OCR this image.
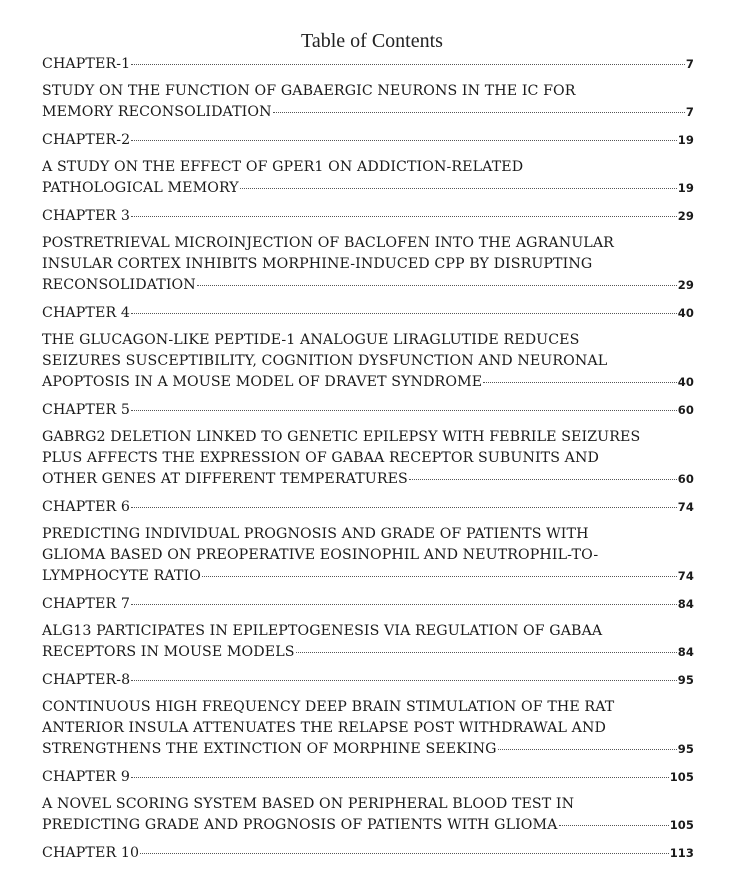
Table of Contents
CHAPTER-1	7
STUDY ON THE FUNCTION OF GABAERGIC NEURONS IN THE IC FOR
MEMORY RECONSOLIDATION	7
CHAPTER-2	19
A STUDY ON THE EFFECT OF GPER1 ON ADDICTION-RELATED
PATHOLOGICAL MEMORY	19
CHAPTER 3	29
POSTRETRIEVAL MICROINJECTION OF BACLOFEN INTO THE AGRANULAR
INSULAR CORTEX INHIBITS MORPHINE-INDUCED CPP BY DISRUPTING
RECONSOLIDATION	29
CHAPTER 4	40
THE GLUCAGON-LIKE PEPTIDE-1 ANALOGUE LIRAGLUTIDE REDUCES
SEIZURES SUSCEPTIBILITY, COGNITION DYSFUNCTION AND NEURONAL
APOPTOSIS IN A MOUSE MODEL OF DRAVET SYNDROME	40
CHAPTER 5	60
GABRG2 DELETION LINKED TO GENETIC EPILEPSY WITH FEBRILE SEIZURES
PLUS AFFECTS THE EXPRESSION OF GABAA RECEPTOR SUBUNITS AND
OTHER GENES AT DIFFERENT TEMPERATURES	60
CHAPTER 6	74
PREDICTING INDIVIDUAL PROGNOSIS AND GRADE OF PATIENTS WITH
GLIOMA BASED ON PREOPERATIVE EOSINOPHIL AND NEUTROPHIL-TO-
LYMPHOCYTE RATIO	74
CHAPTER 7	84
ALG13 PARTICIPATES IN EPILEPTOGENESIS VIA REGULATION OF GABAA
RECEPTORS IN MOUSE MODELS	84
CHAPTER-8	95
CONTINUOUS HIGH FREQUENCY DEEP BRAIN STIMULATION OF THE RAT
ANTERIOR INSULA ATTENUATES THE RELAPSE POST WITHDRAWAL AND
STRENGTHENS THE EXTINCTION OF MORPHINE SEEKING	95
CHAPTER 9	105
A NOVEL SCORING SYSTEM BASED ON PERIPHERAL BLOOD TEST IN
PREDICTING GRADE AND PROGNOSIS OF PATIENTS WITH GLIOMA	105
CHAPTER 10	113
